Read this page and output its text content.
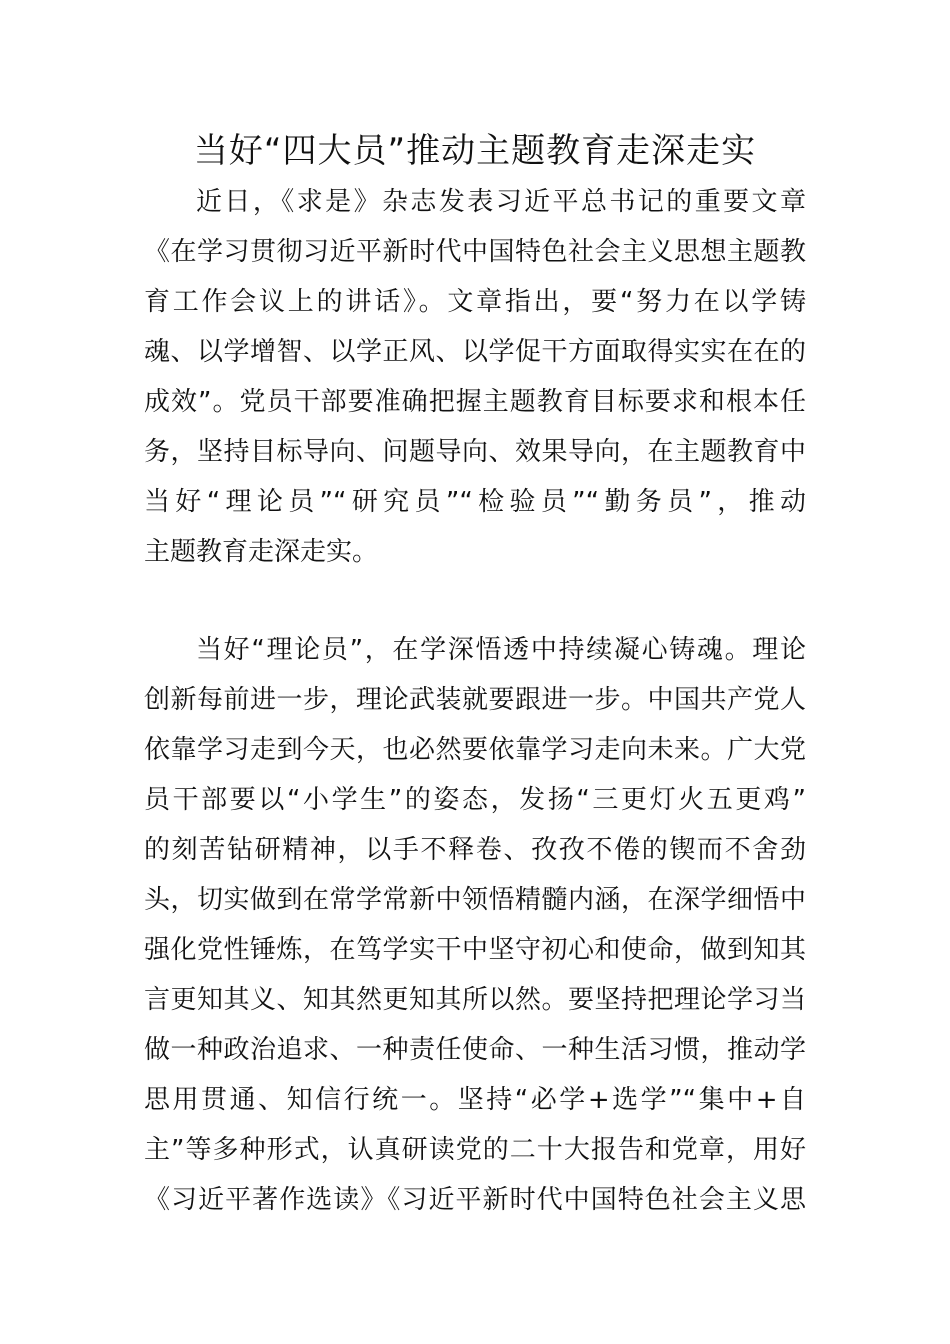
当好“四大员”推动主题教育走深走实

近日，《求是》杂志发表习近平总书记的重要文章

《在学习贯彻习近平新时代中国特色社会主义思想主题教

育工作会议上的讲话》。文章指出，要“努力在以学铸

魂、以学增智、以学正风、以学促干方面取得实实在在的

成效”。党员干部要准确把握主题教育目标要求和根本任

务，坚持目标导向、问题导向、效果导向，在主题教育中

当好“理论员”“研究员”“检验员”“勤务员”，推动

主题教育走深走实。

当好“理论员”，在学深悟透中持续凝心铸魂。理论

创新每前进一步，理论武装就要跟进一步。中国共产党人

依靠学习走到今天，也必然要依靠学习走向未来。广大党

员干部要以“小学生”的姿态，发扬“三更灯火五更鸡”

的刻苦钻研精神，以手不释卷、孜孜不倦的锲而不舍劲

头，切实做到在常学常新中领悟精髓内涵，在深学细悟中

强化党性锤炼，在笃学实干中坚守初心和使命，做到知其

言更知其义、知其然更知其所以然。要坚持把理论学习当

做一种政治追求、一种责任使命、一种生活习惯，推动学

思用贯通、知信行统一。坚持“必学+选学”“集中+自

主”等多种形式，认真研读党的二十大报告和党章，用好

《习近平著作选读》《习近平新时代中国特色社会主义思
